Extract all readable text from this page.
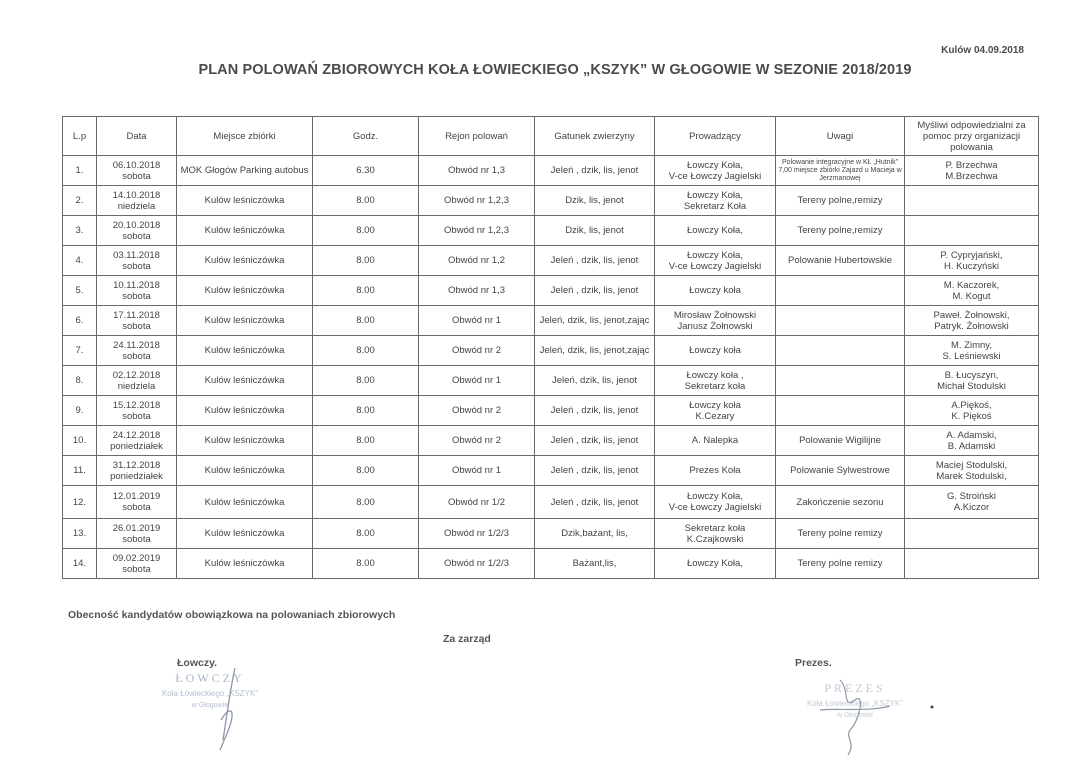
Kulów 04.09.2018
PLAN POLOWAŃ ZBIOROWYCH KOŁA ŁOWIECKIEGO „KSZYK” W GŁOGOWIE W SEZONIE 2018/2019
L.p	Data	Miejsce zbiórki	Godz.	Rejon polowań	Gatunek zwierzyny	Prowadzący	Uwagi	Myśliwi odpowiedzialni za pomoc przy organizacji polowania

1.	06.10.2018
sobota	MOK Głogów Parking autobus	6.30	Obwód nr 1,3	Jeleń , dzik, lis, jenot	Łowczy Koła,
V-ce Łowczy Jagielski	Polowanie integracyjne w KŁ „Hutnik” 7,00 miejsce zbiórki Zajazd u Macieja w Jerzmanowej	P. Brzechwa
M.Brzechwa

2.	14.10.2018
niedziela	Kulów leśniczówka	8.00	Obwód nr 1,2,3	Dzik, lis, jenot	Łowczy Koła,
Sekretarz Koła	Tereny polne,remizy	

3.	20.10.2018
sobota	Kulów leśniczówka	8.00	Obwód nr 1,2,3	Dzik, lis, jenot	Łowczy Koła,	Tereny polne,remizy	

4.	03.11.2018
sobota	Kulów leśniczówka	8.00	Obwód nr 1,2	Jeleń , dzik, lis, jenot	Łowczy Koła,
V-ce Łowczy Jagielski	Polowanie Hubertowskie	P. Cypryjański,
H. Kuczyński

5.	10.11.2018
sobota	Kulów leśniczówka	8.00	Obwód nr 1,3	Jeleń , dzik, lis, jenot	Łowczy koła		M. Kaczorek,
M. Kogut

6.	17.11.2018
sobota	Kulów leśniczówka	8.00	Obwód nr 1	Jeleń, dzik, lis, jenot,zając	Mirosław Żołnowski
Janusz Żołnowski		Paweł. Żołnowski,
Patryk. Żołnowski

7.	24.11.2018
sobota	Kulów leśniczówka	8.00	Obwód nr 2	Jeleń, dzik, lis, jenot,zając	Łowczy koła		M. Zimny,
S. Leśniewski

8.	02.12.2018
niedziela	Kulów leśniczówka	8.00	Obwód nr 1	Jeleń, dzik, lis, jenot	Łowczy koła ,
Sekretarz koła		B. Łucyszyn,
Michał Stodulski

9.	15.12.2018
sobota	Kulów leśniczówka	8.00	Obwód nr 2	Jeleń , dzik, lis, jenot	Łowczy koła
K.Cezary		A.Piękoś,
K. Piękoś

10.	24.12.2018
poniedziałek	Kulów leśniczówka	8.00	Obwód nr 2	Jeleń , dzik, lis, jenot	A. Nalepka	Polowanie Wigilijne	A. Adamski,
B. Adamski

11.	31.12.2018
poniedziałek	Kulów leśniczówka	8.00	Obwód nr 1	Jeleń , dzik, lis, jenot	Prezes Koła	Polowanie Sylwestrowe	Maciej Stodulski,
Marek Stodulski,

12.	12.01.2019
sobota	Kulów leśniczówka	8.00	Obwód nr 1/2	Jeleń , dzik, lis, jenot	Łowczy Koła,
V-ce Łowczy Jagielski	Zakończenie sezonu	G. Stroiński
A.Kiczor

13.	26.01.2019
sobota	Kulów leśniczówka	8.00	Obwód nr 1/2/3	Dzik,bażant, lis,	Sekretarz koła
K.Czajkowski	Tereny polne remizy	

14.	09.02.2019
sobota	Kulów leśniczówka	8.00	Obwód nr 1/2/3	Bażant,lis,	Łowczy Koła,	Tereny polne remizy	

Obecność kandydatów obowiązkowa na polowaniach zbiorowych
Za zarząd
Łowczy.	Prezes.
ŁOWCZY
Koła Łowieckiego „KSZYK”
w Głogowie
PREZES
Koła Łowieckiego „KSZYK”
w Głogowie
